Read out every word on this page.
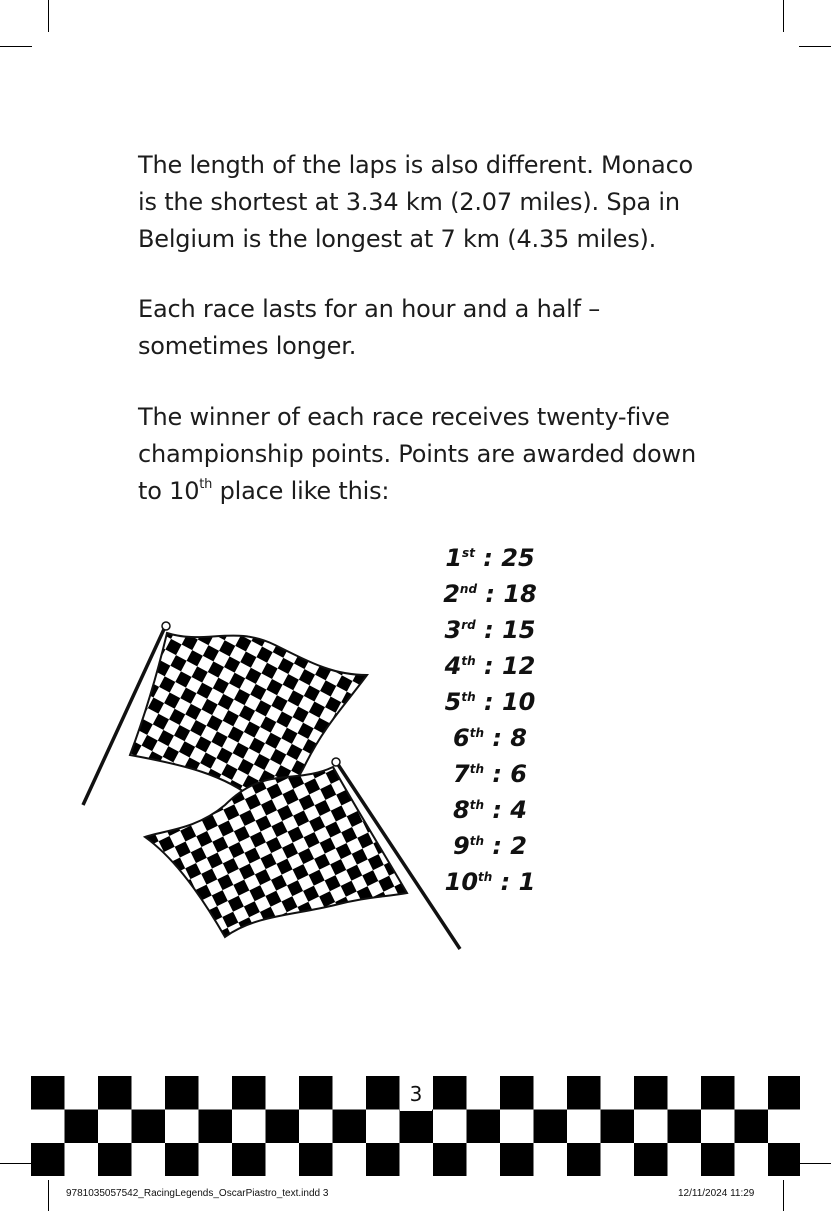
The length of the laps is also different. Monaco is the shortest at 3.34 km (2.07 miles). Spa in Belgium is the longest at 7 km (4.35 miles).

Each race lasts for an hour and a half – sometimes longer.

The winner of each race receives twenty-five championship points. Points are awarded down to 10th place like this:

1st : 25
2nd : 18
3rd : 15
4th : 12
5th : 10
6th : 8
7th : 6
8th : 4
9th : 2
10th : 1
3
9781035057542_RacingLegends_OscarPiastro_text.indd 3	12/11/2024 11:29
